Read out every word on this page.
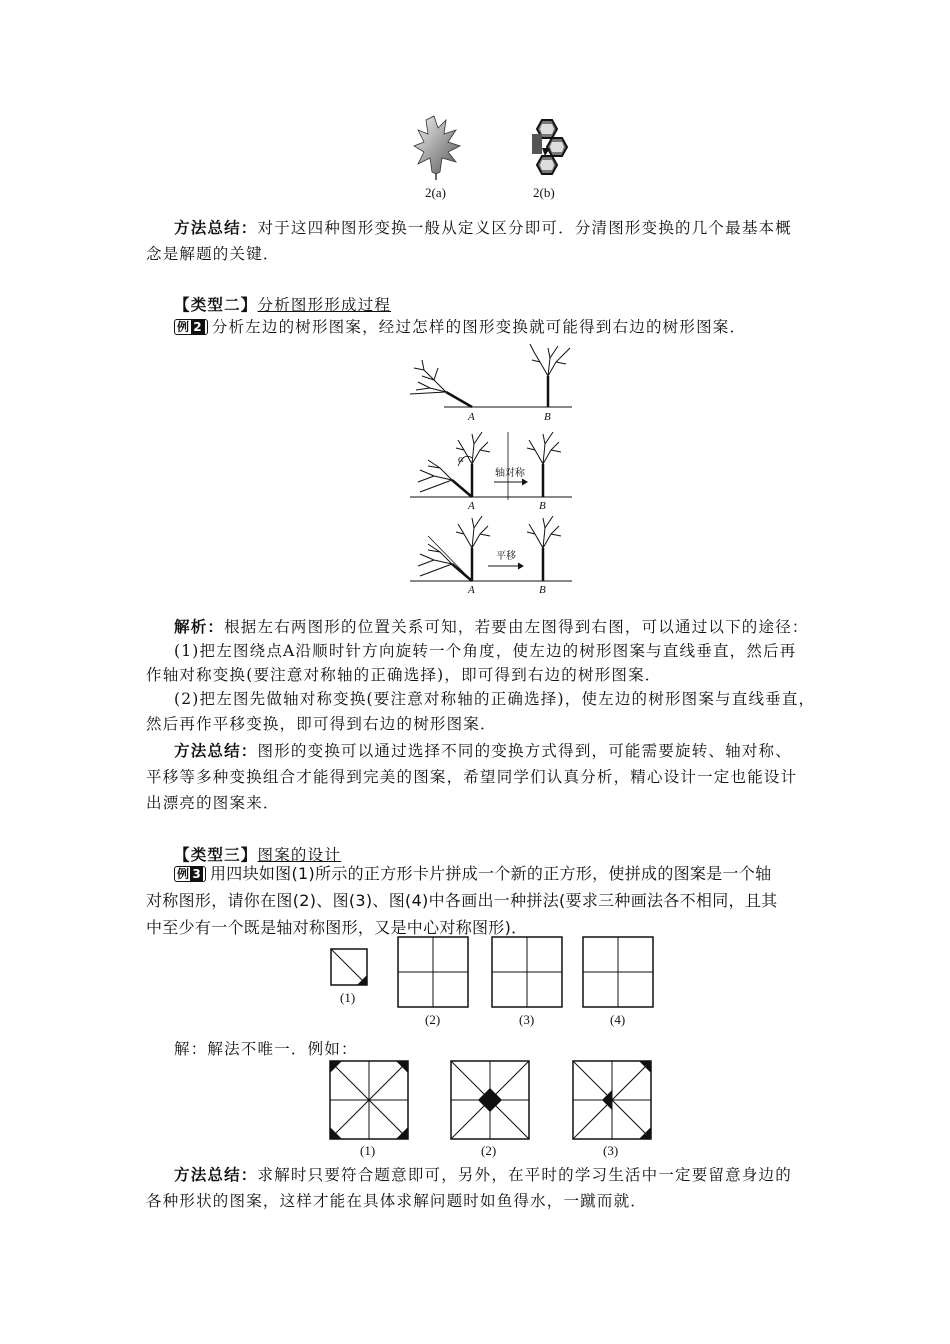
2(a)	2(b)
方法总结：对于这四种图形变换一般从定义区分即可．分清图形变换的几个最基本概
念是解题的关键．
【类型二】分析图形形成过程
例 2 分析左边的树形图案，经过怎样的图形变换就可能得到右边的树形图案．
A	B
α
A	B
A	B
轴对称
平移
解析：根据左右两图形的位置关系可知，若要由左图得到右图，可以通过以下的途径：
(1)把左图绕点A沿顺时针方向旋转一个角度，使左边的树形图案与直线垂直，然后再
作轴对称变换(要注意对称轴的正确选择)，即可得到右边的树形图案．
(2)把左图先做轴对称变换(要注意对称轴的正确选择)，使左边的树形图案与直线垂直，
然后再作平移变换，即可得到右边的树形图案．
方法总结：图形的变换可以通过选择不同的变换方式得到，可能需要旋转、轴对称、
平移等多种变换组合才能得到完美的图案，希望同学们认真分析，精心设计一定也能设计
出漂亮的图案来．
【类型三】图案的设计
例 3 用四块如图(1)所示的正方形卡片拼成一个新的正方形，使拼成的图案是一个轴
对称图形，请你在图(2)、图(3)、图(4)中各画出一种拼法(要求三种画法各不相同，且其
中至少有一个既是轴对称图形，又是中心对称图形)．
(1)
(2)	(3)	(4)
解：解法不唯一．例如：
(1)	(2)	(3)
方法总结：求解时只要符合题意即可，另外，在平时的学习生活中一定要留意身边的
各种形状的图案，这样才能在具体求解问题时如鱼得水，一蹴而就．
